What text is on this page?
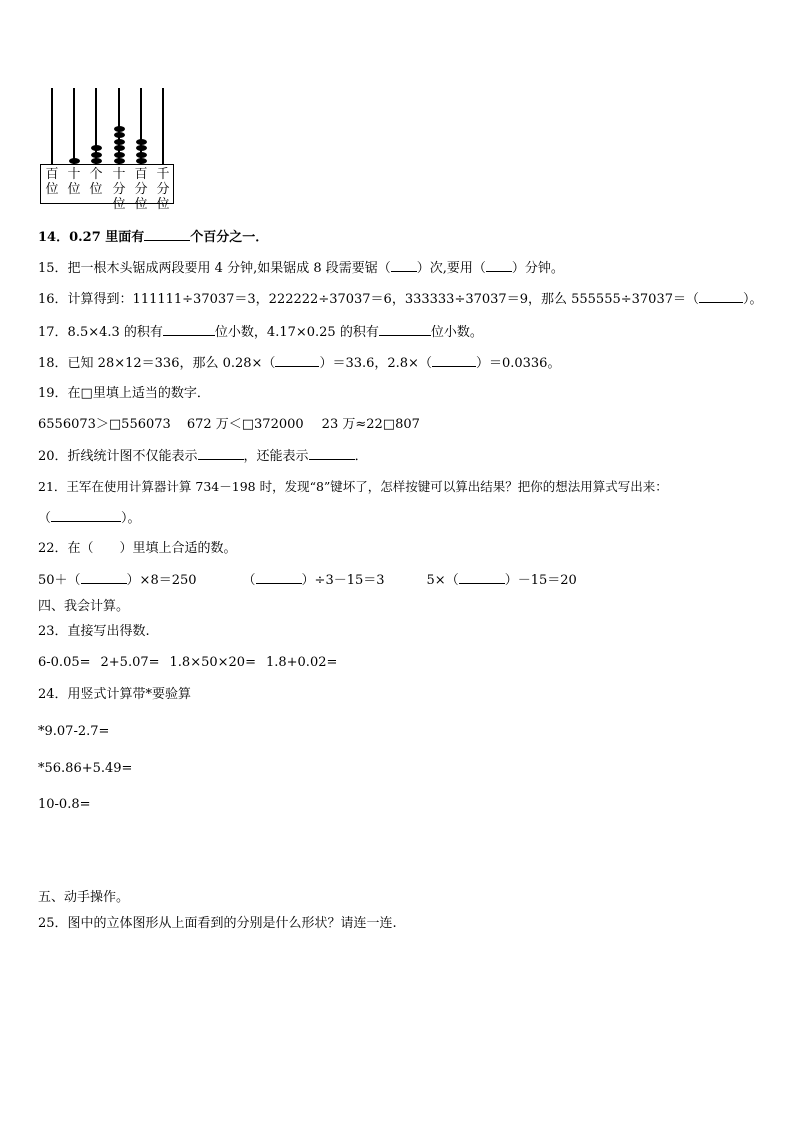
百
位
十
位
个
位
十
分
位
百
分
位
千
分
位
14．0.27 里面有	个百分之一．
15．把一根木头锯成两段要用 4 分钟,如果锯成 8 段需要锯（ ）次,要用（ ）分钟。
16．计算得到：111111÷37037＝3，222222÷37037＝6，333333÷37037＝9，那么 555555÷37037＝（	）。
17．8.5×4.3 的积有	位小数，4.17×0.25 的积有	位小数。
18．已知 28×12＝336，那么 0.28×（	）＝33.6，2.8×（	）＝0.0336。
19．在□里填上适当的数字．
6556073＞□556073 672 万＜□372000 23 万≈22□807
20．折线统计图不仅能表示	，还能表示	．
21．王军在使用计算器计算 734－198 时，发现“8”键坏了，怎样按键可以算出结果？把你的想法用算式写出来：
（	）。
22．在（　　）里填上合适的数。
50＋（	）×8＝250	（	）÷3－15＝3	5×（	）－15＝20
四、我会计算。
23．直接写出得数.
6-0.05= 2+5.07= 1.8×50×20= 1.8+0.02=
24．用竖式计算带*要验算
*9.07-2.7=
*56.86+5.49=
10-0.8=
五、动手操作。
25．图中的立体图形从上面看到的分别是什么形状？请连一连.
